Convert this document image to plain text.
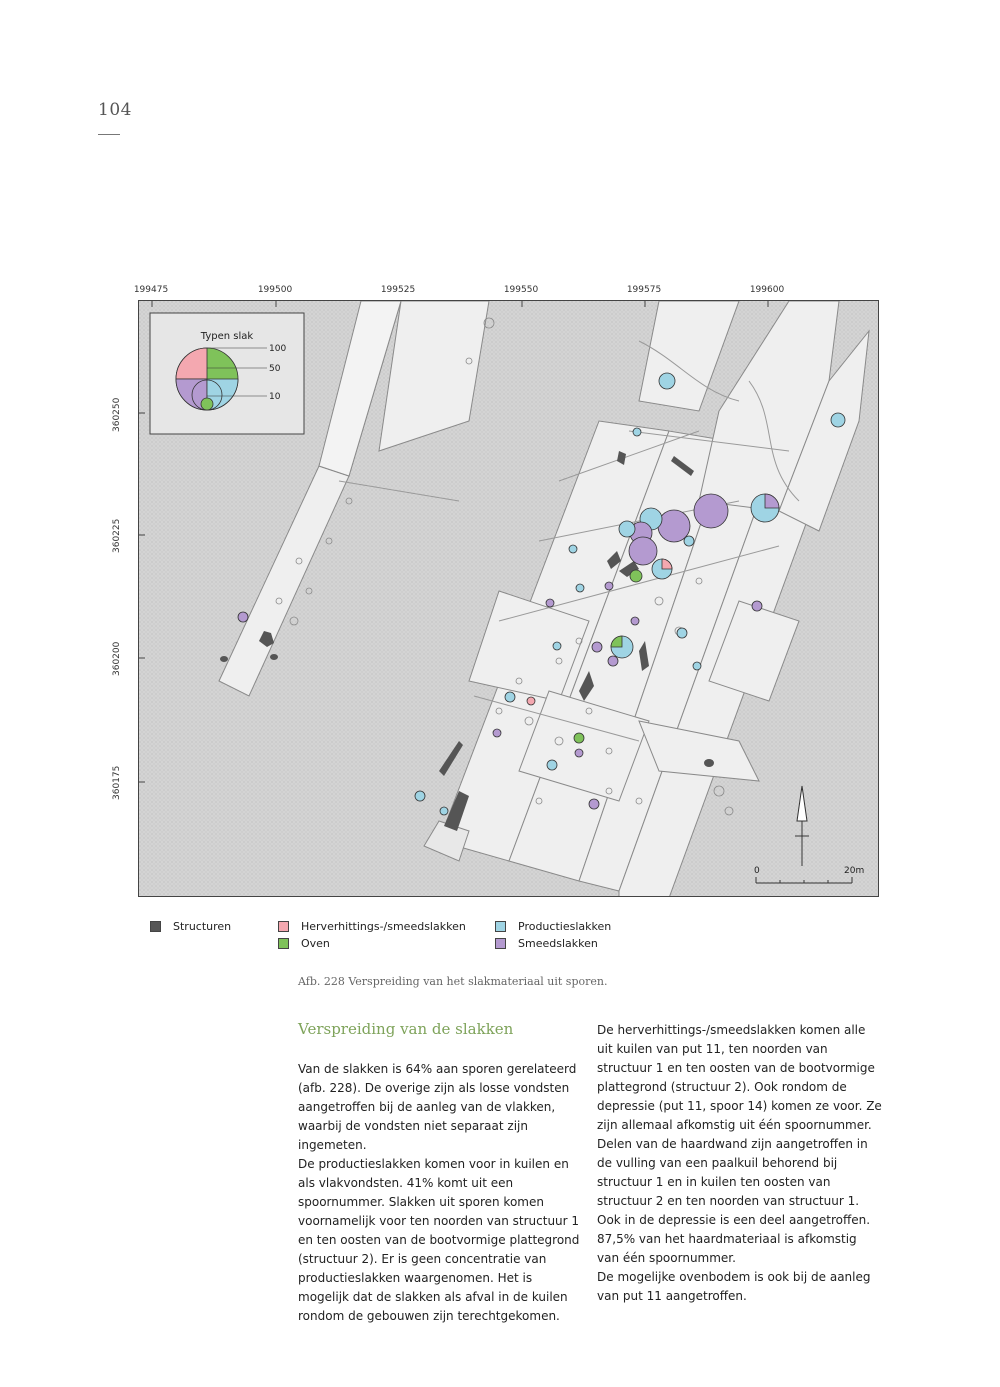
104
199475	199500	199525	199550	199575	199600
360250
360225
360200
360175
Typen slak
100
50
10
0	20m
Structuren	Herverhittings-/smeedslakken
Oven
Productieslakken
Smeedslakken
Afb. 228 Verspreiding van het slakmateriaal uit sporen.
Verspreiding van de slakken

Van de slakken is 64% aan sporen gerelateerd (afb. 228). De overige zijn als losse vondsten aangetroffen bij de aanleg van de vlakken, waarbij de vondsten niet separaat zijn ingemeten.

De productieslakken komen voor in kuilen en als vlakvondsten. 41% komt uit een spoornummer. Slakken uit sporen komen voornamelijk voor ten noorden van structuur 1 en ten oosten van de bootvormige plattegrond (structuur 2). Er is geen concentratie van productieslakken waargenomen. Het is mogelijk dat de slakken als afval in de kuilen rondom de gebouwen zijn terechtgekomen.

De herverhittings-/smeedslakken komen alle uit kuilen van put 11, ten noorden van structuur 1 en ten oosten van de bootvormige plattegrond (structuur 2). Ook rondom de depressie (put 11, spoor 14) komen ze voor. Ze zijn allemaal afkomstig uit één spoornummer.

Delen van de haardwand zijn aangetroffen in de vulling van een paalkuil behorend bij structuur 1 en in kuilen ten oosten van structuur 2 en ten noorden van structuur 1. Ook in de depressie is een deel aangetroffen. 87,5% van het haardmateriaal is afkomstig van één spoornummer.

De mogelijke ovenbodem is ook bij de aanleg van put 11 aangetroffen.
